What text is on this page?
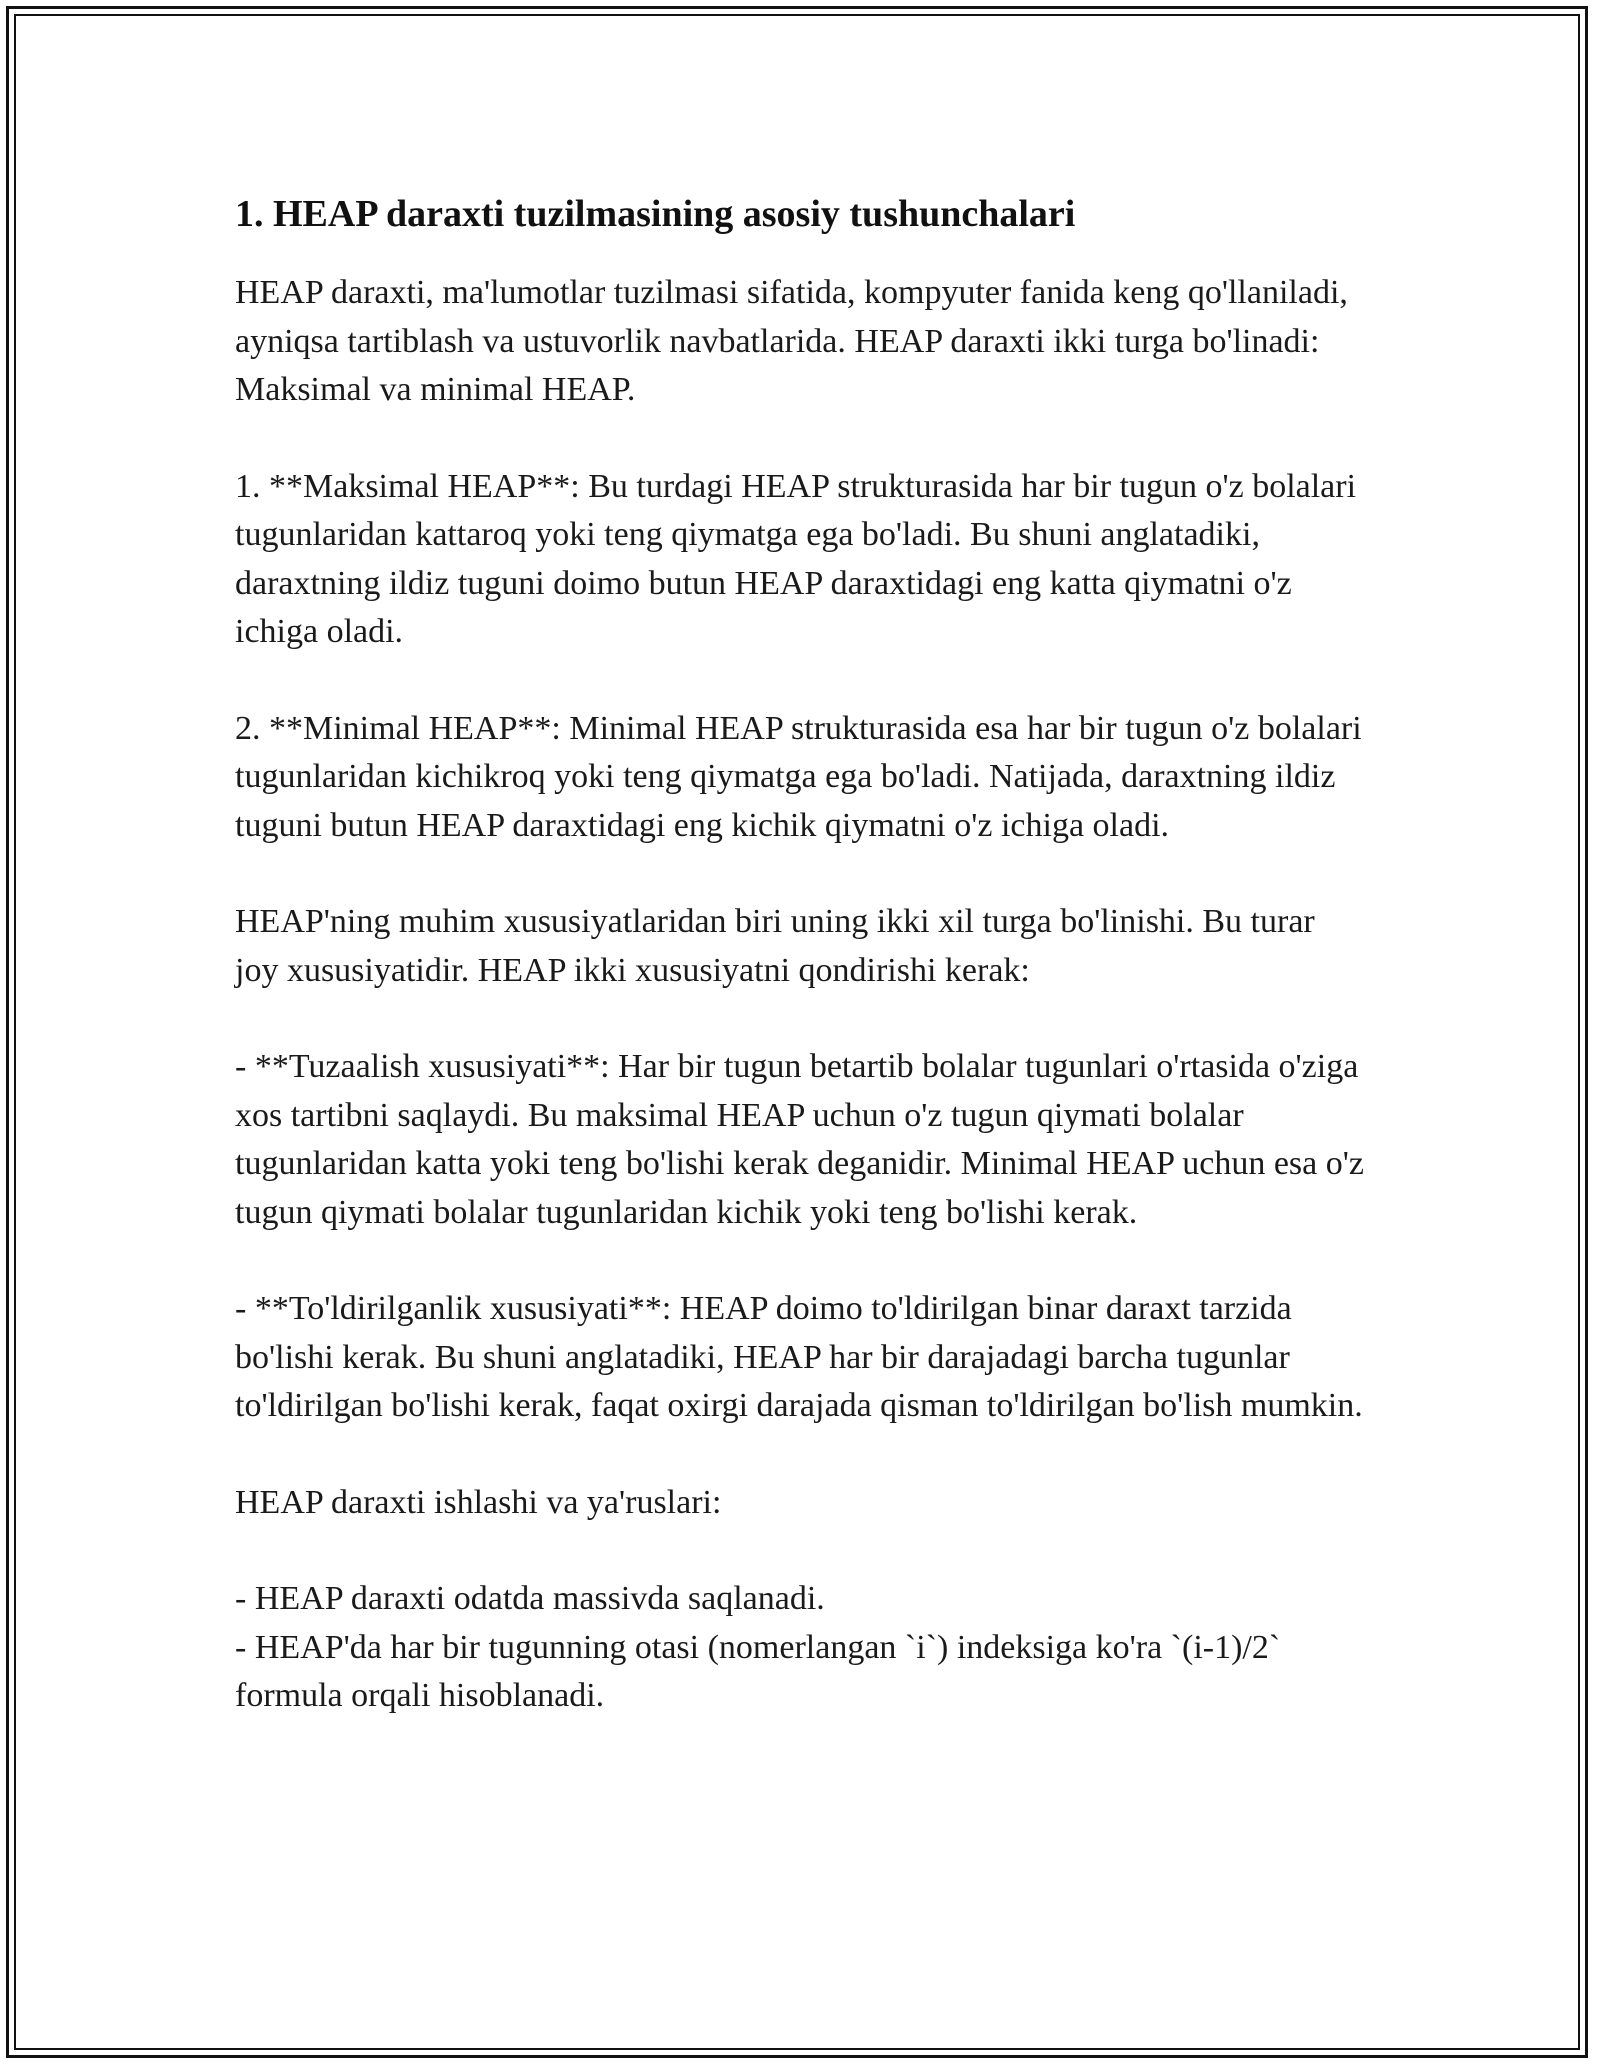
1. HEAP daraxti tuzilmasining asosiy tushunchalari

HEAP daraxti, ma'lumotlar tuzilmasi sifatida, kompyuter fanida keng qo'llaniladi, ayniqsa tartiblash va ustuvorlik navbatlarida. HEAP daraxti ikki turga bo'linadi: Maksimal va minimal HEAP.

1. **Maksimal HEAP**: Bu turdagi HEAP strukturasida har bir tugun o'z bolalari tugunlaridan kattaroq yoki teng qiymatga ega bo'ladi. Bu shuni anglatadiki, daraxtning ildiz tuguni doimo butun HEAP daraxtidagi eng katta qiymatni o'z ichiga oladi.

2. **Minimal HEAP**: Minimal HEAP strukturasida esa har bir tugun o'z bolalari tugunlaridan kichikroq yoki teng qiymatga ega bo'ladi. Natijada, daraxtning ildiz tuguni butun HEAP daraxtidagi eng kichik qiymatni o'z ichiga oladi.

HEAP'ning muhim xususiyatlaridan biri uning ikki xil turga bo'linishi. Bu turar joy xususiyatidir. HEAP ikki xususiyatni qondirishi kerak:

- **Tuzaalish xususiyati**: Har bir tugun betartib bolalar tugunlari o'rtasida o'ziga xos tartibni saqlaydi. Bu maksimal HEAP uchun o'z tugun qiymati bolalar tugunlaridan katta yoki teng bo'lishi kerak deganidir. Minimal HEAP uchun esa o'z tugun qiymati bolalar tugunlaridan kichik yoki teng bo'lishi kerak.

- **To'ldirilganlik xususiyati**: HEAP doimo to'ldirilgan binar daraxt tarzida bo'lishi kerak. Bu shuni anglatadiki, HEAP har bir darajadagi barcha tugunlar to'ldirilgan bo'lishi kerak, faqat oxirgi darajada qisman to'ldirilgan bo'lish mumkin.

HEAP daraxti ishlashi va ya'ruslari:

- HEAP daraxti odatda massivda saqlanadi.

- HEAP'da har bir tugunning otasi (nomerlangan `i`) indeksiga ko'ra `(i-1)/2` formula orqali hisoblanadi.
